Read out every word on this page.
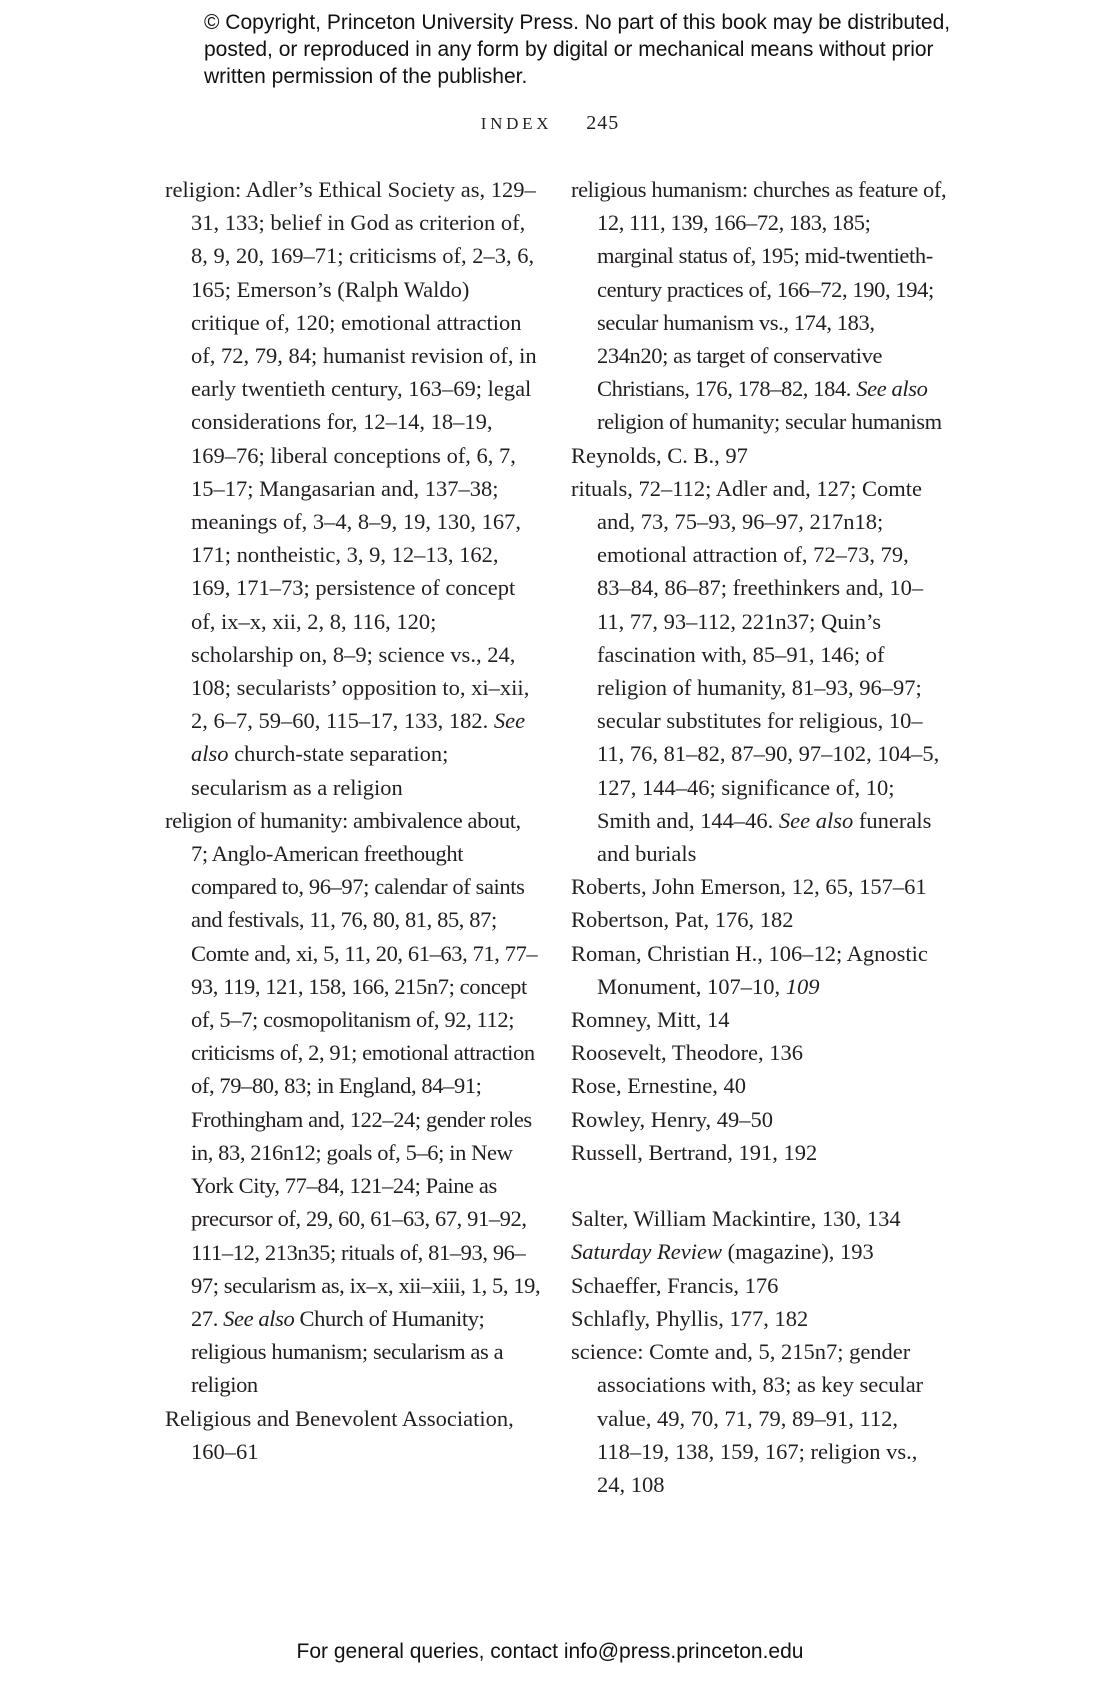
© Copyright, Princeton University Press. No part of this book may be distributed, posted, or reproduced in any form by digital or mechanical means without prior written permission of the publisher.
INDEX 245

religion: Adler’s Ethical Society as, 129–31, 133; belief in God as criterion of, 8, 9, 20, 169–71; criticisms of, 2–3, 6, 165; Emerson’s (Ralph Waldo) critique of, 120; emotional attraction of, 72, 79, 84; humanist revision of, in early twentieth century, 163–69; legal considerations for, 12–14, 18–19, 169–76; liberal conceptions of, 6, 7, 15–17; Mangasarian and, 137–38; meanings of, 3–4, 8–9, 19, 130, 167, 171; nontheistic, 3, 9, 12–13, 162, 169, 171–73; persistence of concept of, ix–x, xii, 2, 8, 116, 120; scholarship on, 8–9; science vs., 24, 108; secularists’ opposition to, xi–xii, 2, 6–7, 59–60, 115–17, 133, 182. See also church-state separation; secularism as a religion

religion of humanity: ambivalence about, 7; Anglo-American freethought compared to, 96–97; calendar of saints and festivals, 11, 76, 80, 81, 85, 87; Comte and, xi, 5, 11, 20, 61–63, 71, 77–93, 119, 121, 158, 166, 215n7; concept of, 5–7; cosmopolitanism of, 92, 112; criticisms of, 2, 91; emotional attraction of, 79–80, 83; in England, 84–91; Frothingham and, 122–24; gender roles in, 83, 216n12; goals of, 5–6; in New York City, 77–84, 121–24; Paine as precursor of, 29, 60, 61–63, 67, 91–92, 111–12, 213n35; rituals of, 81–93, 96–97; secularism as, ix–x, xii–xiii, 1, 5, 19, 27. See also Church of Humanity; religious humanism; secularism as a religion

Religious and Benevolent Association, 160–61

religious humanism: churches as feature of, 12, 111, 139, 166–72, 183, 185; marginal status of, 195; mid-twentieth-century practices of, 166–72, 190, 194; secular humanism vs., 174, 183, 234n20; as target of conservative Christians, 176, 178–82, 184. See also religion of humanity; secular humanism

Reynolds, C. B., 97

rituals, 72–112; Adler and, 127; Comte and, 73, 75–93, 96–97, 217n18; emotional attraction of, 72–73, 79, 83–84, 86–87; freethinkers and, 10–11, 77, 93–112, 221n37; Quin’s fascination with, 85–91, 146; of religion of humanity, 81–93, 96–97; secular substitutes for religious, 10–11, 76, 81–82, 87–90, 97–102, 104–5, 127, 144–46; significance of, 10; Smith and, 144–46. See also funerals and burials

Roberts, John Emerson, 12, 65, 157–61

Robertson, Pat, 176, 182

Roman, Christian H., 106–12; Agnostic Monument, 107–10, 109

Romney, Mitt, 14

Roosevelt, Theodore, 136

Rose, Ernestine, 40

Rowley, Henry, 49–50

Russell, Bertrand, 191, 192

Salter, William Mackintire, 130, 134

Saturday Review (magazine), 193

Schaeffer, Francis, 176

Schlafly, Phyllis, 177, 182

science: Comte and, 5, 215n7; gender associations with, 83; as key secular value, 49, 70, 71, 79, 89–91, 112, 118–19, 138, 159, 167; religion vs., 24, 108

For general queries, contact info@press.princeton.edu
